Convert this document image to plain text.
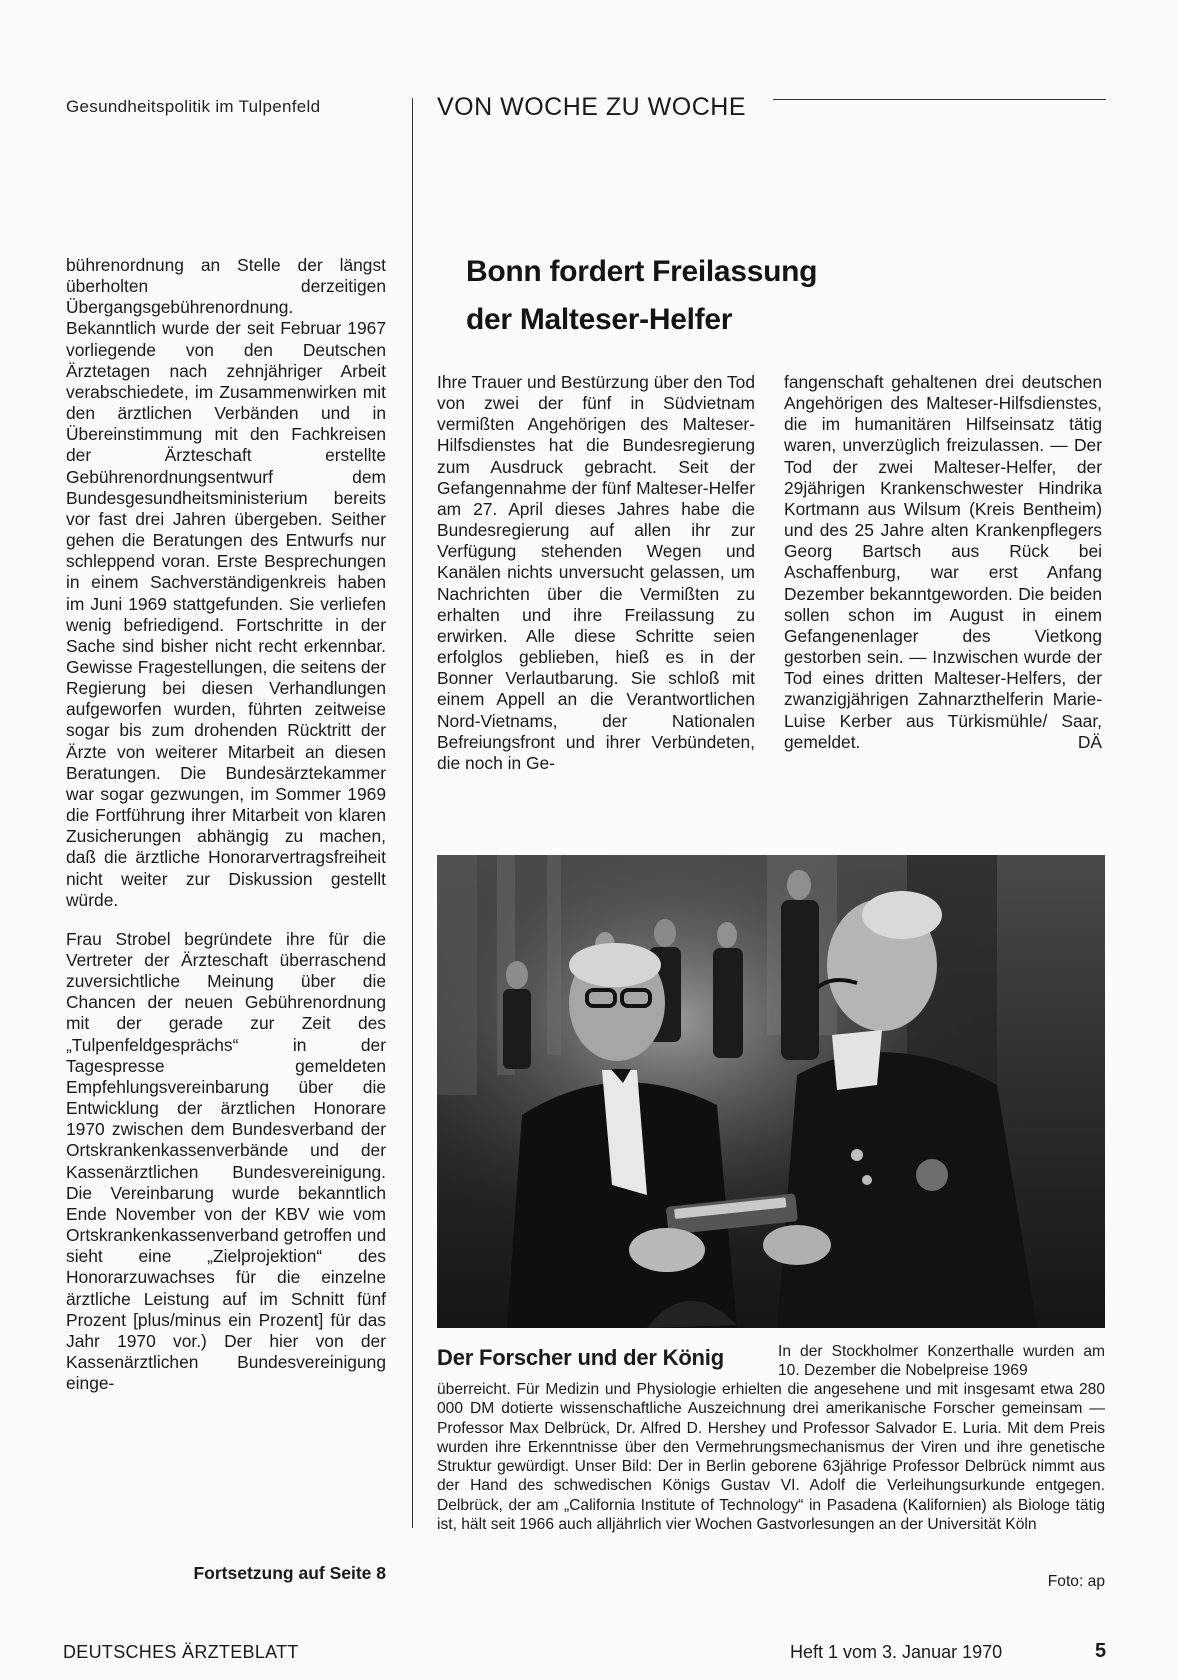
Gesundheitspolitik im Tulpenfeld	VON WOCHE ZU WOCHE

bührenordnung an Stelle der längst überholten derzeitigen Übergangsgebührenordnung. Bekanntlich wurde der seit Februar 1967 vorliegende von den Deutschen Ärztetagen nach zehnjähriger Arbeit verabschiedete, im Zusammenwirken mit den ärztlichen Verbänden und in Übereinstimmung mit den Fachkreisen der Ärzteschaft erstellte Gebührenordnungsentwurf dem Bundesgesundheitsministerium bereits vor fast drei Jahren übergeben. Seither gehen die Beratungen des Entwurfs nur schleppend voran. Erste Besprechungen in einem Sachverständigenkreis haben im Juni 1969 stattgefunden. Sie verliefen wenig befriedigend. Fortschritte in der Sache sind bisher nicht recht erkennbar. Gewisse Fragestellungen, die seitens der Regierung bei diesen Verhandlungen aufgeworfen wurden, führten zeitweise sogar bis zum drohenden Rücktritt der Ärzte von weiterer Mitarbeit an diesen Beratungen. Die Bundesärztekammer war sogar gezwungen, im Sommer 1969 die Fortführung ihrer Mitarbeit von klaren Zusicherungen abhängig zu machen, daß die ärztliche Honorarvertragsfreiheit nicht weiter zur Diskussion gestellt würde.

Frau Strobel begründete ihre für die Vertreter der Ärzteschaft überraschend zuversichtliche Meinung über die Chancen der neuen Gebührenordnung mit der gerade zur Zeit des „Tulpenfeldgesprächs“ in der Tagespresse gemeldeten Empfehlungsvereinbarung über die Entwicklung der ärztlichen Honorare 1970 zwischen dem Bundesverband der Ortskrankenkassenverbände und der Kassenärztlichen Bundesvereinigung. Die Vereinbarung wurde bekanntlich Ende November von der KBV wie vom Ortskrankenkassenverband getroffen und sieht eine „Zielprojektion“ des Honorarzuwachses für die einzelne ärztliche Leistung auf im Schnitt fünf Prozent [plus/minus ein Prozent] für das Jahr 1970 vor.) Der hier von der Kassenärztlichen Bundesvereinigung einge-

Fortsetzung auf Seite 8
Bonn fordert Freilassung
der Malteser-Helfer

Ihre Trauer und Bestürzung über den Tod von zwei der fünf in Südvietnam vermißten Angehörigen des Malteser-Hilfsdienstes hat die Bundesregierung zum Ausdruck gebracht. Seit der Gefangennahme der fünf Malteser-Helfer am 27. April dieses Jahres habe die Bundesregierung auf allen ihr zur Verfügung stehenden Wegen und Kanälen nichts unversucht gelassen, um Nachrichten über die Vermißten zu erhalten und ihre Freilassung zu erwirken. Alle diese Schritte seien erfolglos geblieben, hieß es in der Bonner Verlautbarung. Sie schloß mit einem Appell an die Verantwortlichen Nord-Vietnams, der Nationalen Befreiungsfront und ihrer Verbündeten, die noch in Ge-

fangenschaft gehaltenen drei deutschen Angehörigen des Malteser-Hilfsdienstes, die im humanitären Hilfseinsatz tätig waren, unverzüglich freizulassen. — Der Tod der zwei Malteser-Helfer, der 29jährigen Krankenschwester Hindrika Kortmann aus Wilsum (Kreis Bentheim) und des 25 Jahre alten Krankenpflegers Georg Bartsch aus Rück bei Aschaffenburg, war erst Anfang Dezember bekanntgeworden. Die beiden sollen schon im August in einem Gefangenenlager des Vietkong gestorben sein. — Inzwischen wurde der Tod eines dritten Malteser-Helfers, der zwanzigjährigen Zahnarzthelferin Marie-Luise Kerber aus Türkismühle/ Saar, gemeldet.	DÄ

Der Forscher und der König	In der Stockholmer Konzerthalle wurden am 10. Dezember die Nobelpreise 1969
überreicht. Für Medizin und Physiologie erhielten die angesehene und mit insgesamt etwa 280 000 DM dotierte wissenschaftliche Auszeichnung drei amerikanische Forscher gemeinsam — Professor Max Delbrück, Dr. Alfred D. Hershey und Professor Salvador E. Luria. Mit dem Preis wurden ihre Erkenntnisse über den Vermehrungsmechanismus der Viren und ihre genetische Struktur gewürdigt. Unser Bild: Der in Berlin geborene 63jährige Professor Delbrück nimmt aus der Hand des schwedischen Königs Gustav VI. Adolf die Verleihungsurkunde entgegen. Delbrück, der am „California Institute of Technology“ in Pasadena (Kalifornien) als Biologe tätig ist, hält seit 1966 auch alljährlich vier Wochen Gastvorlesungen an der Universität Köln
Foto: ap
DEUTSCHES ÄRZTEBLATT	Heft 1 vom 3. Januar 1970	5
